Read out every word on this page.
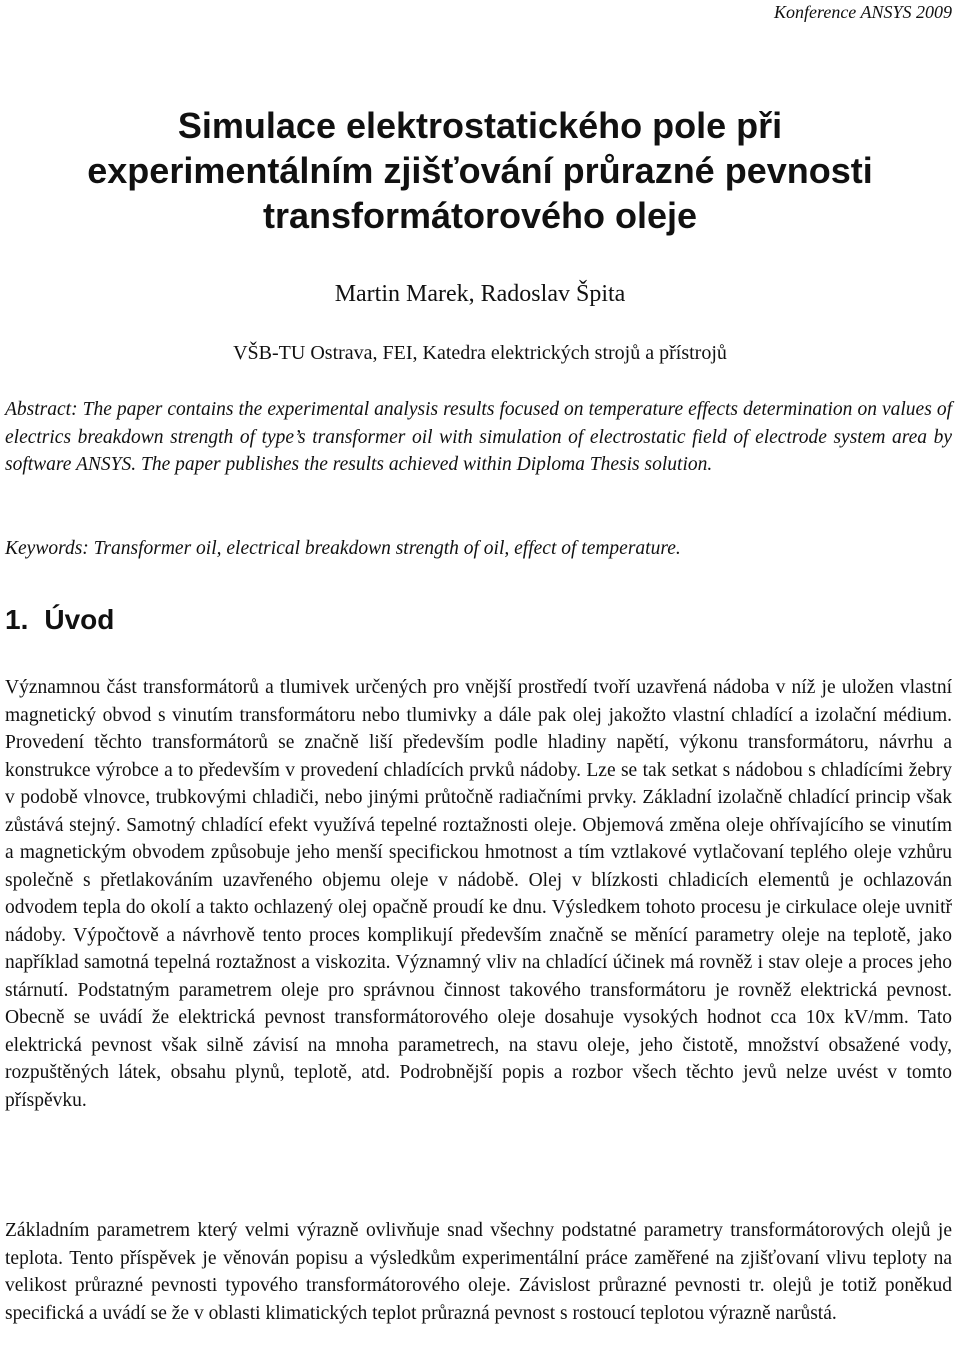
Konference ANSYS 2009
Simulace elektrostatického pole při
experimentálním zjišťování průrazné pevnosti
transformátorového oleje
Martin Marek, Radoslav Špita
VŠB-TU Ostrava, FEI, Katedra elektrických strojů a přístrojů

Abstract: The paper contains the experimental analysis results focused on temperature effects determination on values of electrics breakdown strength of type’s transformer oil with simulation of electrostatic field of electrode system area by software ANSYS. The paper publishes the results achieved within Diploma Thesis solution.

Keywords: Transformer oil, electrical breakdown strength of oil, effect of temperature.

1. Úvod

Významnou část transformátorů a tlumivek určených pro vnější prostředí tvoří uzavřená nádoba v níž je uložen vlastní magnetický obvod s vinutím transformátoru nebo tlumivky a dále pak olej jakožto vlastní chladící a izolační médium. Provedení těchto transformátorů se značně liší především podle hladiny napětí, výkonu transformátoru, návrhu a konstrukce výrobce a to především v provedení chladících prvků nádoby. Lze se tak setkat s nádobou s chladícími žebry v podobě vlnovce, trubkovými chladiči, nebo jinými průtočně radiačními prvky. Základní izolačně chladící princip však zůstává stejný. Samotný chladící efekt využívá tepelné roztažnosti oleje. Objemová změna oleje ohřívajícího se vinutím a magnetickým obvodem způsobuje jeho menší specifickou hmotnost a tím vztlakové vytlačovaní teplého oleje vzhůru společně s přetlakováním uzavřeného objemu oleje v nádobě. Olej v blízkosti chladicích elementů je ochlazován odvodem tepla do okolí a takto ochlazený olej opačně proudí ke dnu. Výsledkem tohoto procesu je cirkulace oleje uvnitř nádoby. Výpočtově a návrhově tento proces komplikují především značně se měnící parametry oleje na teplotě, jako například samotná tepelná roztažnost a viskozita. Významný vliv na chladící účinek má rovněž i stav oleje a proces jeho stárnutí. Podstatným parametrem oleje pro správnou činnost takového transformátoru je rovněž elektrická pevnost. Obecně se uvádí že elektrická pevnost transformátorového oleje dosahuje vysokých hodnot cca 10x kV/mm. Tato elektrická pevnost však silně závisí na mnoha parametrech, na stavu oleje, jeho čistotě, množství obsažené vody, rozpuštěných látek, obsahu plynů, teplotě, atd. Podrobnější popis a rozbor všech těchto jevů nelze uvést v tomto příspěvku.

Základním parametrem který velmi výrazně ovlivňuje snad všechny podstatné parametry transformátorových olejů je teplota. Tento příspěvek je věnován popisu a výsledkům experimentální práce zaměřené na zjišťovaní vlivu teploty na velikost průrazné pevnosti typového transformátorového oleje. Závislost průrazné pevnosti tr. olejů je totiž poněkud specifická a uvádí se že v oblasti klimatických teplot průrazná pevnost s rostoucí teplotou výrazně narůstá.
